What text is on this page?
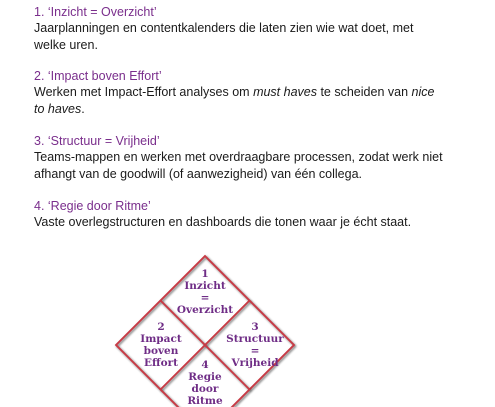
1. ‘Inzicht = Overzicht’
Jaarplanningen en contentkalenders die laten zien wie wat doet, met
welke uren.
2. ‘Impact boven Effort’
Werken met Impact-Effort analyses om must haves te scheiden van nice
to haves.
3. ‘Structuur = Vrijheid’
Teams-mappen en werken met overdraagbare processen, zodat werk niet
afhangt van de goodwill (of aanwezigheid) van één collega.
4. ‘Regie door Ritme’
Vaste overlegstructuren en dashboards die tonen waar je écht staat.
1
Inzicht
=
Overzicht
2
Impact
boven
Effort
3
Structuur
=
Vrijheid
4
Regie
door
Ritme
